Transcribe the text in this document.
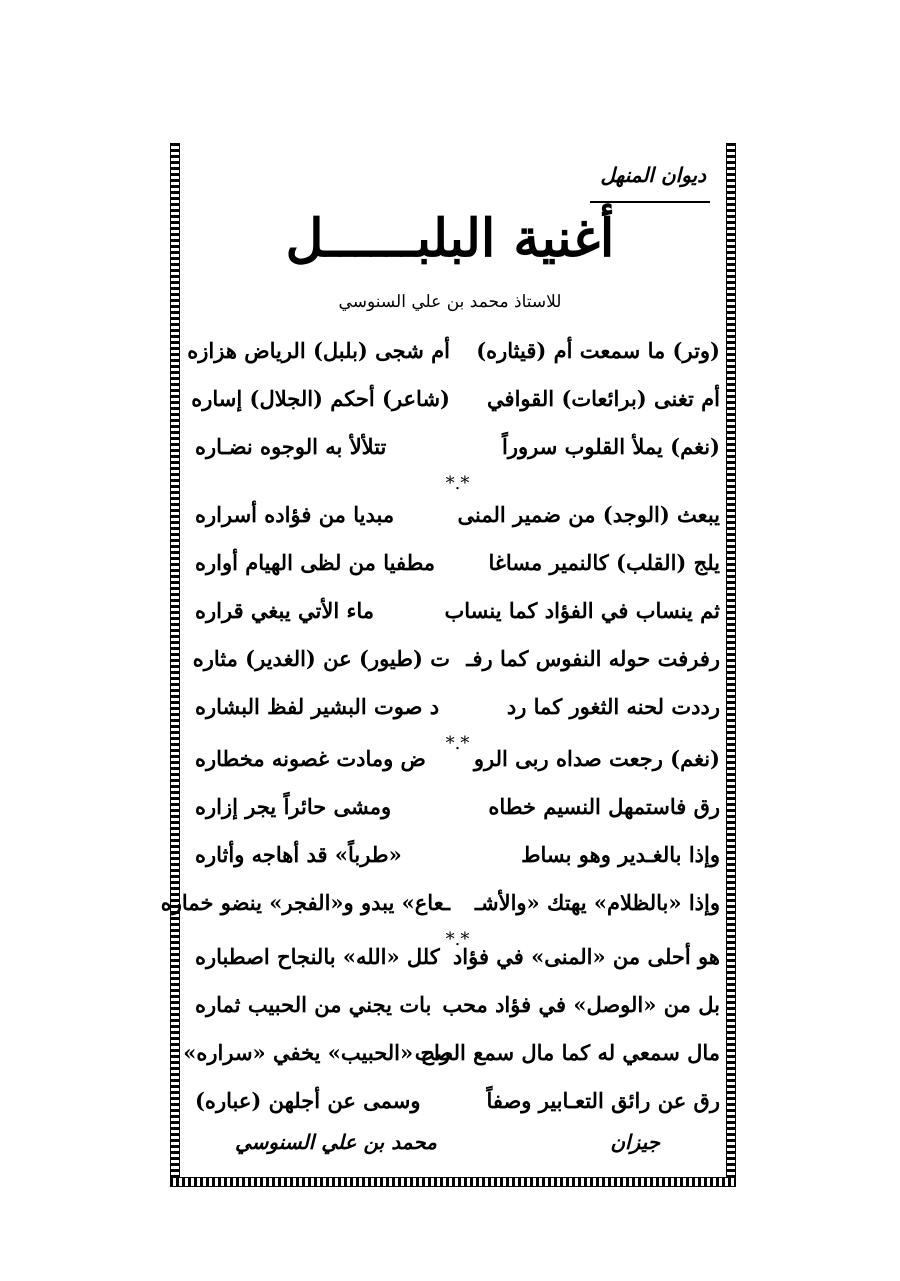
ديوان المنهل
أغنية البلبــــــل
للاستاذ محمد بن علي السنوسي
(وتر) ما سمعت أم (قيثاره)
أم شجى (بلبل) الرياض هزازه
أم تغنى (برائعات) القوافي
(شاعر) أحكم (الجلال) إساره
(نغم) يملأ القلوب سروراً
تتلألأ به الوجوه نضـاره
*.*
يبعث (الوجد) من ضمير المنى
مبديا من فؤاده أسراره
يلج (القلب) كالنمير مساغا
مطفيا من لظى الهيام أواره
ثم ينساب في الفؤاد كما ينساب
ماء الأتي يبغي قراره
رفرفت حوله النفوس كما رفـ
ت (طيور) عن (الغدير) مثاره
رددت لحنه الثغور كما رد
د صوت البشير لفظ البشاره
*.*
(نغم) رجعت صداه ربى الرو
ض ومادت غصونه مخطاره
رق فاستمهل النسيم خطاه
ومشى حائراً يجر إزاره
وإذا بالغـدير وهو بساط
«طرباً» قد أهاجه وأثاره
وإذا «بالظلام» يهتك «والأشـ
ـعاع» يبدو و«الفجر» ينضو خماره
*.*
هو أحلى من «المنى» في فؤاد
كلل «الله» بالنجاح اصطباره
بل من «الوصل» في فؤاد محب
بات يجني من الحبيب ثماره
مال سمعي له كما مال سمع الصب
راح «الحبيب» يخفي «سراره»
رق عن رائق التعـابير وصفاً
وسمى عن أجلهن (عباره)
جيزان
محمد بن علي السنوسي
